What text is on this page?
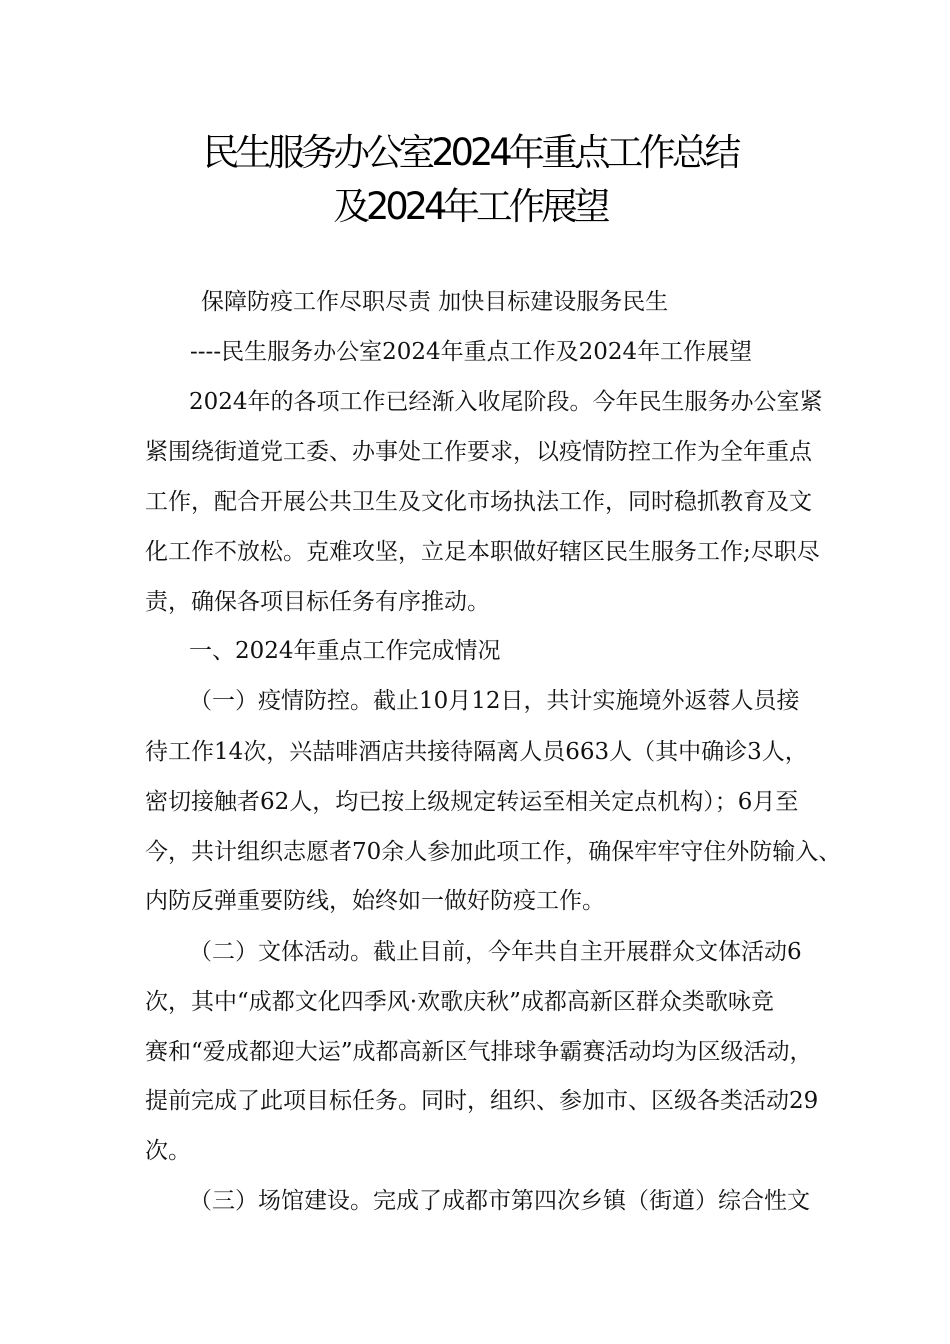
民生服务办公室2024年重点工作总结
及2024年工作展望
保障防疫工作尽职尽责 加快目标建设服务民生
----民生服务办公室2024年重点工作及2024年工作展望
2024年的各项工作已经渐入收尾阶段。今年民生服务办公室紧
紧围绕街道党工委、办事处工作要求，以疫情防控工作为全年重点
工作，配合开展公共卫生及文化市场执法工作，同时稳抓教育及文
化工作不放松。克难攻坚，立足本职做好辖区民生服务工作;尽职尽
责，确保各项目标任务有序推动。
一、2024年重点工作完成情况
（一）疫情防控。截止10月12日，共计实施境外返蓉人员接
待工作14次，兴喆啡酒店共接待隔离人员663人（其中确诊3人，
密切接触者62人，均已按上级规定转运至相关定点机构）；6月至
今，共计组织志愿者70余人参加此项工作，确保牢牢守住外防输入、
内防反弹重要防线，始终如一做好防疫工作。
（二）文体活动。截止目前，今年共自主开展群众文体活动6
次，其中“成都文化四季风·欢歌庆秋”成都高新区群众类歌咏竞
赛和“爱成都迎大运”成都高新区气排球争霸赛活动均为区级活动，
提前完成了此项目标任务。同时，组织、参加市、区级各类活动29
次。
（三）场馆建设。完成了成都市第四次乡镇（街道）综合性文
